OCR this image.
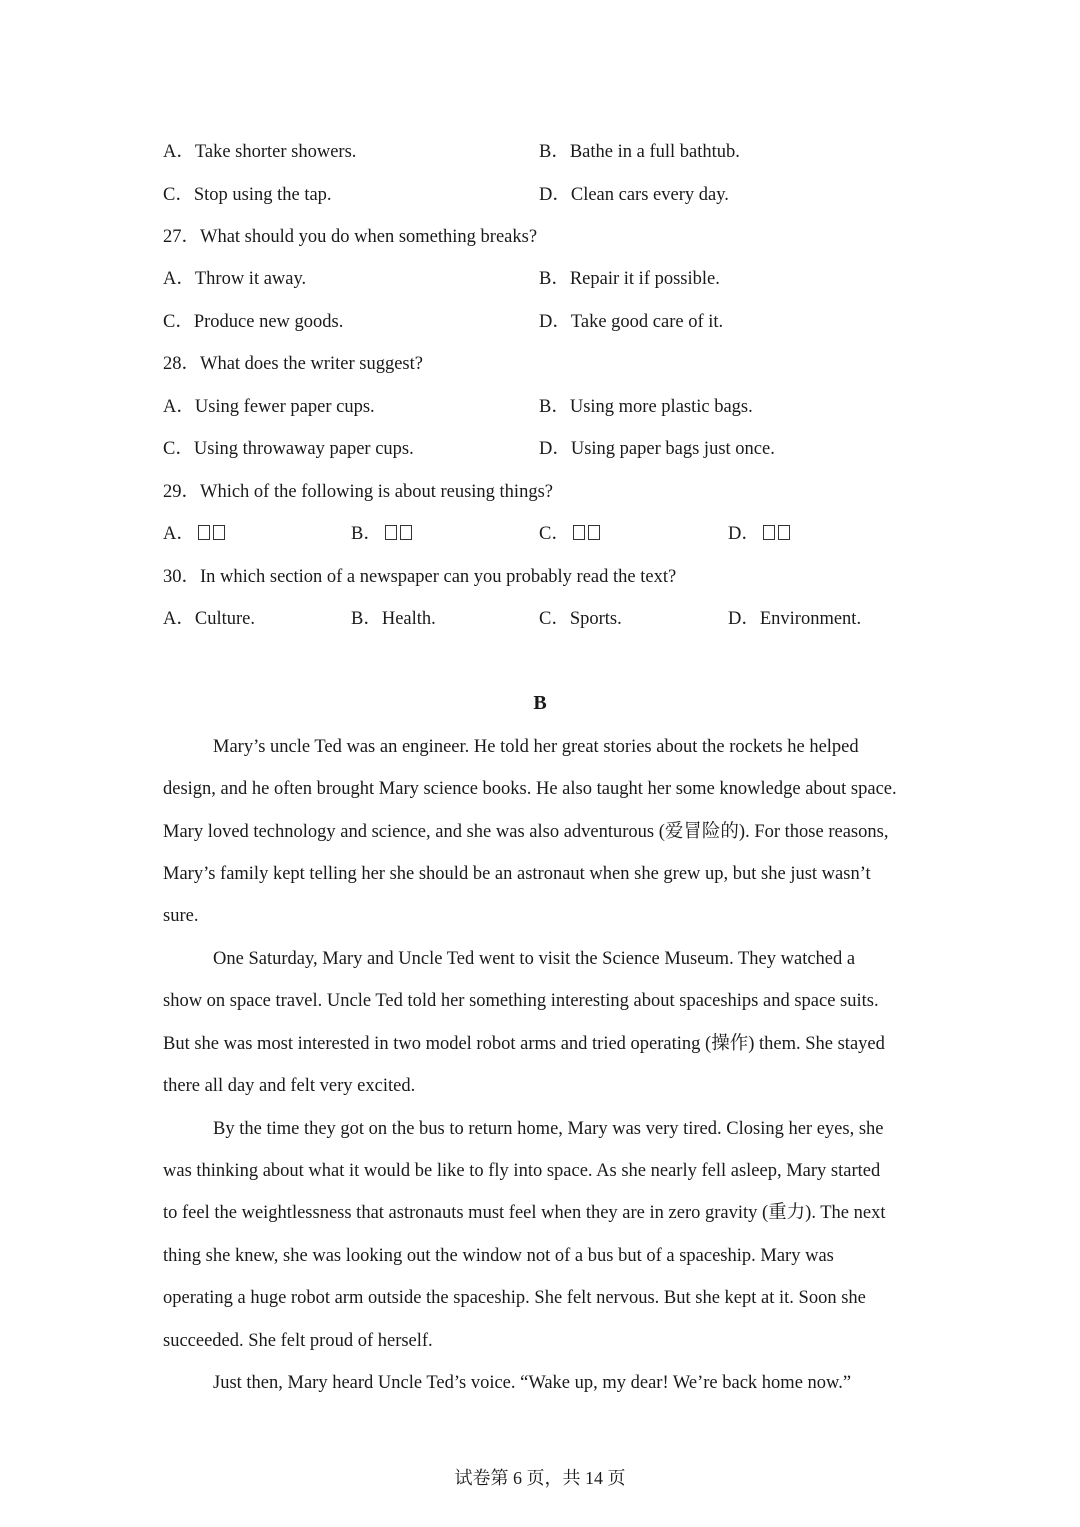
A．Take shorter showers.	B．Bathe in a full bathtub.
C．Stop using the tap.	D．Clean cars every day.
27．What should you do when something breaks?
A．Throw it away.	B．Repair it if possible.
C．Produce new goods.	D．Take good care of it.
28．What does the writer suggest?
A．Using fewer paper cups.	B．Using more plastic bags.
C．Using throwaway paper cups.	D．Using paper bags just once.
29．Which of the following is about reusing things?
A．	B．	C．	D．
30．In which section of a newspaper can you probably read the text?
A．Culture.	B．Health.	C．Sports.	D．Environment.
B
Mary’s uncle Ted was an engineer. He told her great stories about the rockets he helped
design, and he often brought Mary science books. He also taught her some knowledge about space.
Mary loved technology and science, and she was also adventurous (爱冒险的). For those reasons,
Mary’s family kept telling her she should be an astronaut when she grew up, but she just wasn’t
sure.
One Saturday, Mary and Uncle Ted went to visit the Science Museum. They watched a
show on space travel. Uncle Ted told her something interesting about spaceships and space suits.
But she was most interested in two model robot arms and tried operating (操作) them. She stayed
there all day and felt very excited.
By the time they got on the bus to return home, Mary was very tired. Closing her eyes, she
was thinking about what it would be like to fly into space. As she nearly fell asleep, Mary started
to feel the weightlessness that astronauts must feel when they are in zero gravity (重力). The next
thing she knew, she was looking out the window not of a bus but of a spaceship. Mary was
operating a huge robot arm outside the spaceship. She felt nervous. But she kept at it. Soon she
succeeded. She felt proud of herself.
Just then, Mary heard Uncle Ted’s voice. “Wake up, my dear! We’re back home now.”
试卷第 6 页，共 14 页
